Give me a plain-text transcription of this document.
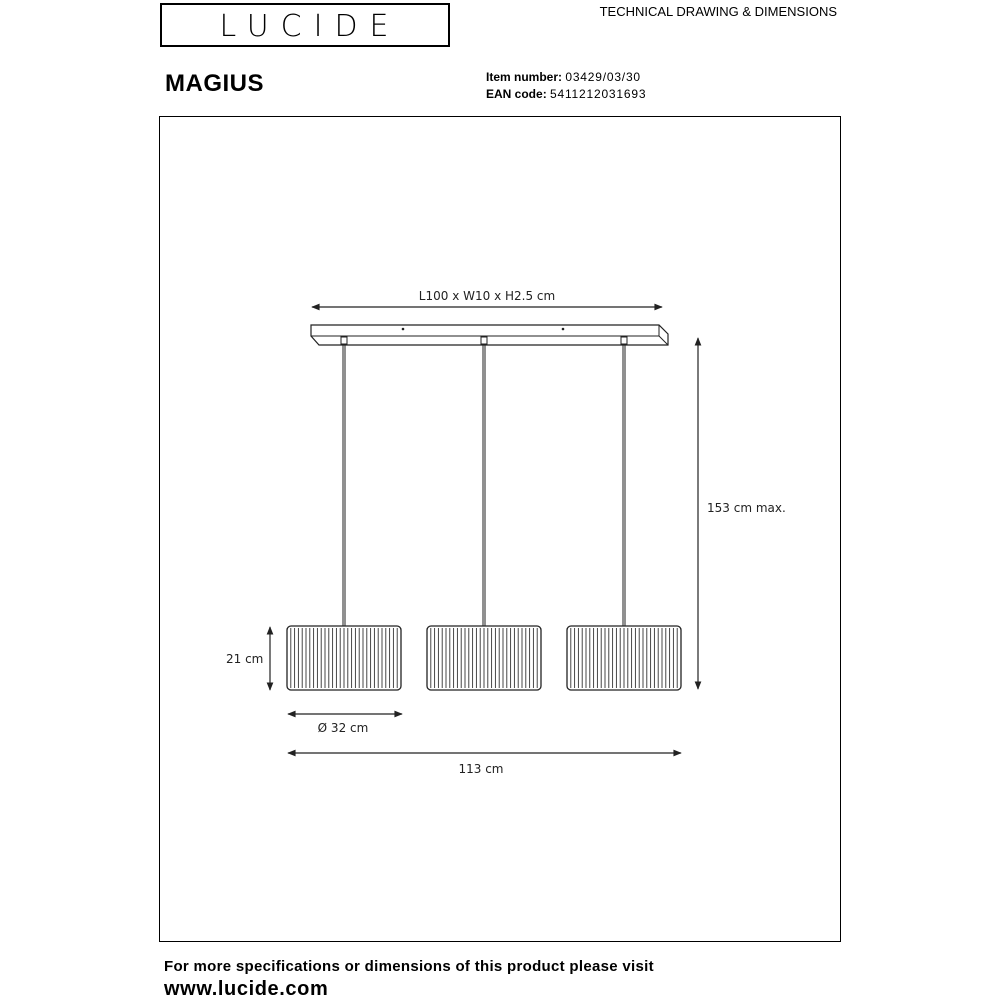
LUCIDE	TECHNICAL DRAWING & DIMENSIONS
MAGIUS	Item number: 03429/03/30
EAN code: 5411212031693
L100 x W10 x H2.5 cm
153 cm max.
21 cm
Ø 32 cm
113 cm
For more specifications or dimensions of this product please visit
www.lucide.com
